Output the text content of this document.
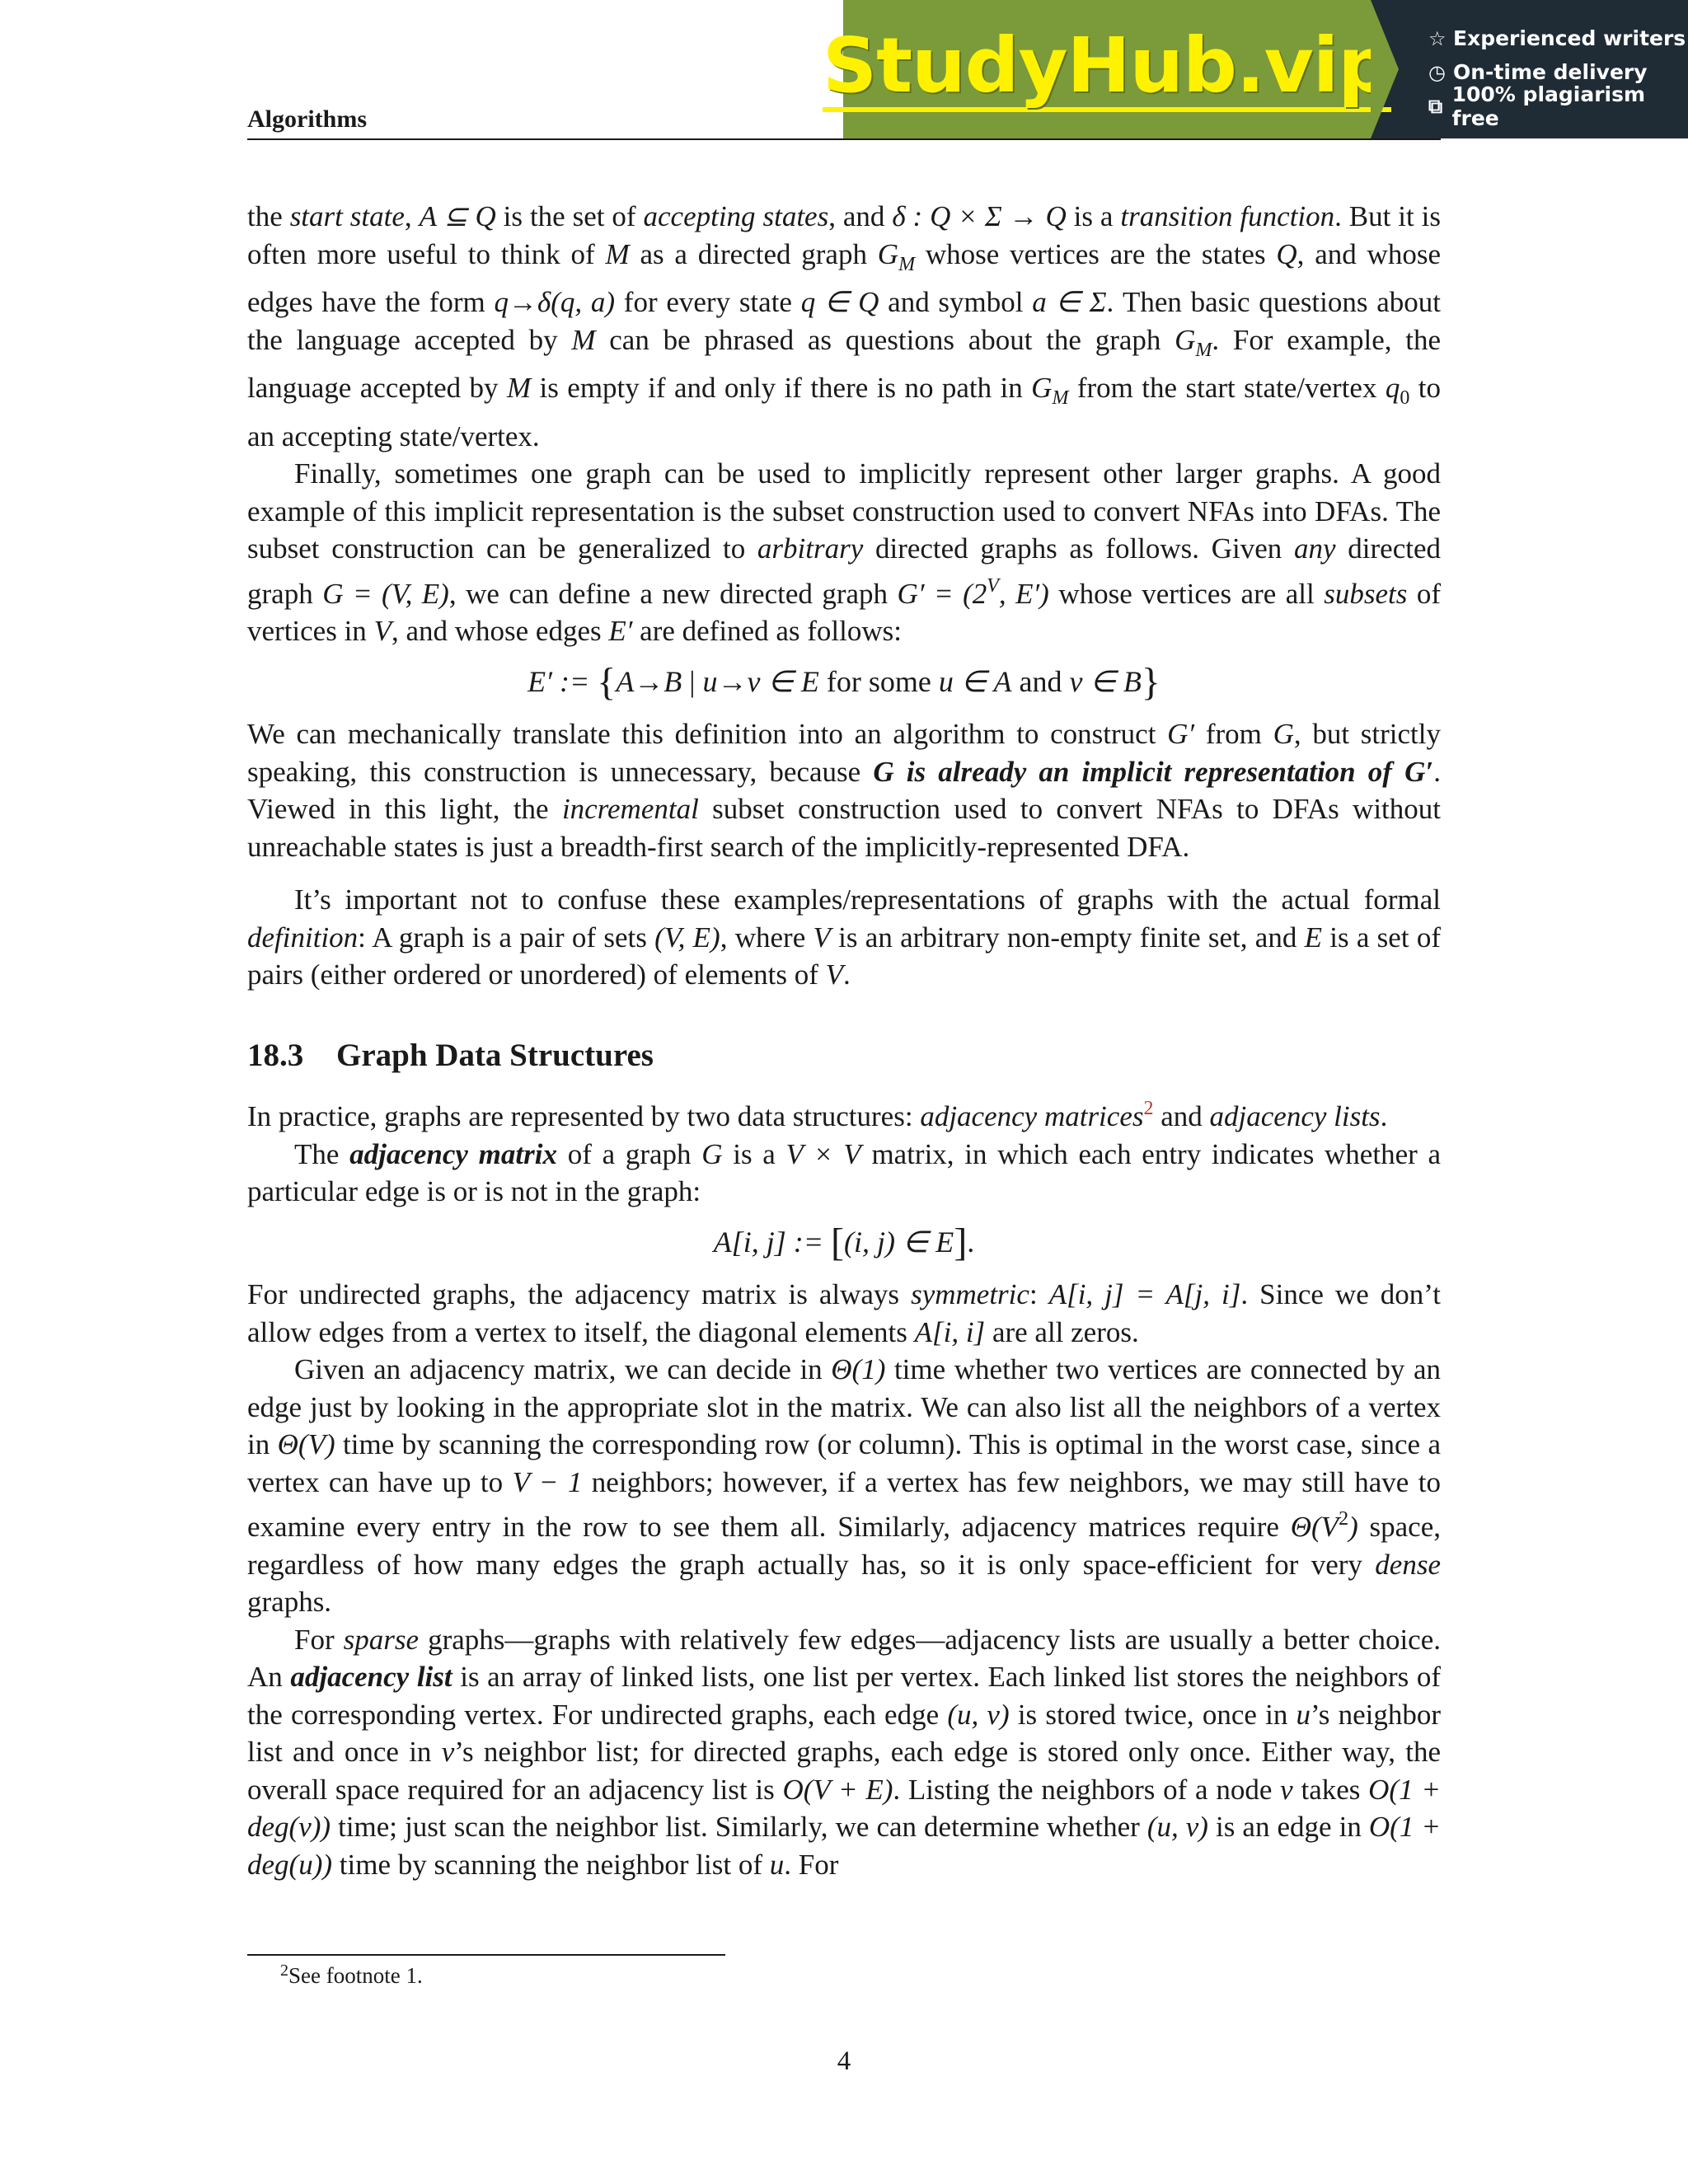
Algorithms
StudyHub.vip ☆ Experienced writers
◷ On-time delivery
⧉ 100% plagiarism free

the start state, A ⊆ Q is the set of accepting states, and δ : Q × Σ → Q is a transition function. But it is often more useful to think of M as a directed graph $G_M$ whose vertices are the states Q, and whose edges have the form q→δ(q, a) for every state q ∈ Q and symbol a ∈ Σ. Then basic questions about the language accepted by M can be phrased as questions about the graph $G_M$. For example, the language accepted by M is empty if and only if there is no path in $G_M$ from the start state/vertex $q_0$ to an accepting state/vertex.

Finally, sometimes one graph can be used to implicitly represent other larger graphs. A good example of this implicit representation is the subset construction used to convert NFAs into DFAs. The subset construction can be generalized to arbitrary directed graphs as follows. Given any directed graph G = (V, E), we can define a new directed graph $G' = (2^V$, E′) whose vertices are all subsets of vertices in V, and whose edges E′ are defined as follows:

E′ := {A→B | u→v ∈ E for some u ∈ A and v ∈ B}

We can mechanically translate this definition into an algorithm to construct G′ from G, but strictly speaking, this construction is unnecessary, because G is already an implicit representation of G′. Viewed in this light, the incremental subset construction used to convert NFAs to DFAs without unreachable states is just a breadth-first search of the implicitly-represented DFA.

It’s important not to confuse these examples/representations of graphs with the actual formal definition: A graph is a pair of sets (V, E), where V is an arbitrary non-empty finite set, and E is a set of pairs (either ordered or unordered) of elements of V.

18.3 Graph Data Structures

In practice, graphs are represented by two data structures: adjacency matrices$^2$ and adjacency lists.

The adjacency matrix of a graph G is a V × V matrix, in which each entry indicates whether a particular edge is or is not in the graph:

A[i, j] := [(i, j) ∈ E].

For undirected graphs, the adjacency matrix is always symmetric: A[i, j] = A[j, i]. Since we don’t allow edges from a vertex to itself, the diagonal elements A[i, i] are all zeros.

Given an adjacency matrix, we can decide in Θ(1) time whether two vertices are connected by an edge just by looking in the appropriate slot in the matrix. We can also list all the neighbors of a vertex in Θ(V) time by scanning the corresponding row (or column). This is optimal in the worst case, since a vertex can have up to V − 1 neighbors; however, if a vertex has few neighbors, we may still have to examine every entry in the row to see them all. Similarly, adjacency matrices require $\Theta(V^2)$ space, regardless of how many edges the graph actually has, so it is only space-efficient for very dense graphs.

For sparse graphs—graphs with relatively few edges—adjacency lists are usually a better choice. An adjacency list is an array of linked lists, one list per vertex. Each linked list stores the neighbors of the corresponding vertex. For undirected graphs, each edge (u, v) is stored twice, once in u’s neighbor list and once in v’s neighbor list; for directed graphs, each edge is stored only once. Either way, the overall space required for an adjacency list is O(V + E). Listing the neighbors of a node v takes O(1 + deg(v)) time; just scan the neighbor list. Similarly, we can determine whether (u, v) is an edge in O(1 + deg(u)) time by scanning the neighbor list of u. For

$^2$See footnote 1.
4
